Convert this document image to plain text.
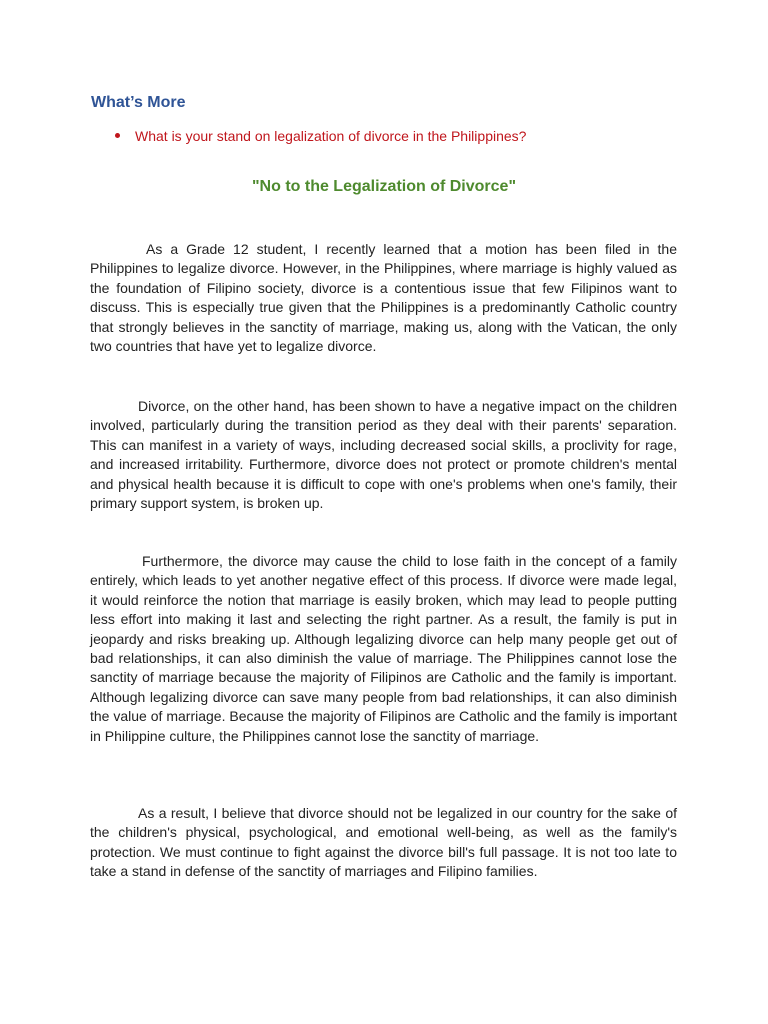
What’s More
What is your stand on legalization of divorce in the Philippines?
"No to the Legalization of Divorce"

As a Grade 12 student, I recently learned that a motion has been filed in the Philippines to legalize divorce. However, in the Philippines, where marriage is highly valued as the foundation of Filipino society, divorce is a contentious issue that few Filipinos want to discuss. This is especially true given that the Philippines is a predominantly Catholic country that strongly believes in the sanctity of marriage, making us, along with the Vatican, the only two countries that have yet to legalize divorce.

Divorce, on the other hand, has been shown to have a negative impact on the children involved, particularly during the transition period as they deal with their parents' separation. This can manifest in a variety of ways, including decreased social skills, a proclivity for rage, and increased irritability. Furthermore, divorce does not protect or promote children's mental and physical health because it is difficult to cope with one's problems when one's family, their primary support system, is broken up.

Furthermore, the divorce may cause the child to lose faith in the concept of a family entirely, which leads to yet another negative effect of this process. If divorce were made legal, it would reinforce the notion that marriage is easily broken, which may lead to people putting less effort into making it last and selecting the right partner. As a result, the family is put in jeopardy and risks breaking up. Although legalizing divorce can help many people get out of bad relationships, it can also diminish the value of marriage. The Philippines cannot lose the sanctity of marriage because the majority of Filipinos are Catholic and the family is important. Although legalizing divorce can save many people from bad relationships, it can also diminish the value of marriage. Because the majority of Filipinos are Catholic and the family is important in Philippine culture, the Philippines cannot lose the sanctity of marriage.

As a result, I believe that divorce should not be legalized in our country for the sake of the children's physical, psychological, and emotional well-being, as well as the family's protection. We must continue to fight against the divorce bill's full passage. It is not too late to take a stand in defense of the sanctity of marriages and Filipino families.
